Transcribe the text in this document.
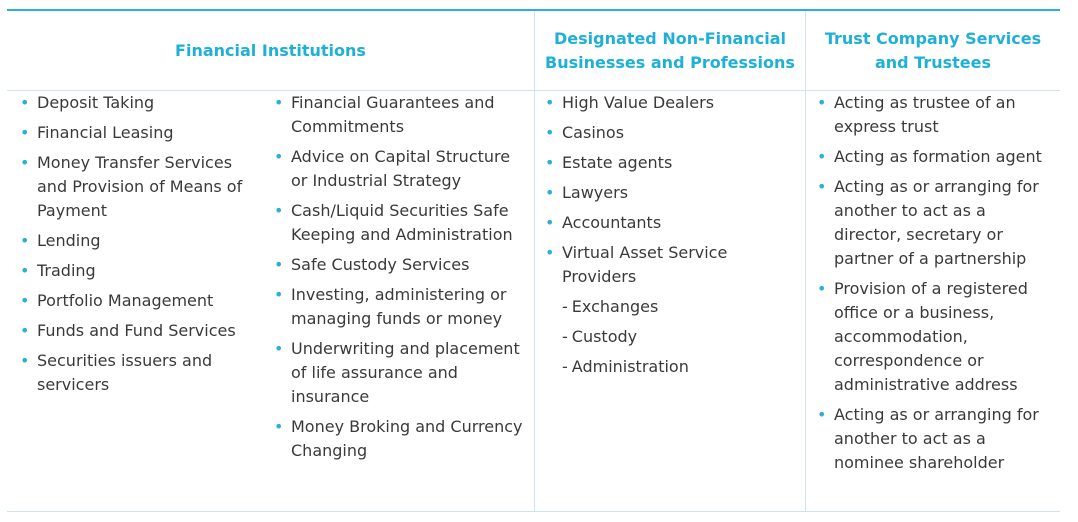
Financial Institutions
Designated Non-Financial Businesses and Professions
Trust Company Services and Trustees
• Deposit Taking
• Financial Leasing
• Money Transfer Services and Provision of Means of Payment
• Lending
• Trading
• Portfolio Management
• Funds and Fund Services
• Securities issuers and servicers
• Financial Guarantees and Commitments
• Advice on Capital Structure or Industrial Strategy
• Cash/Liquid Securities Safe Keeping and Administration
• Safe Custody Services
• Investing, administering or managing funds or money
• Underwriting and placement of life assurance and insurance
• Money Broking and Currency Changing
• High Value Dealers
• Casinos
• Estate agents
• Lawyers
• Accountants
• Virtual Asset Service Providers
- Exchanges
- Custody
- Administration
• Acting as trustee of an express trust
• Acting as formation agent
• Acting as or arranging for another to act as a director, secretary or partner of a partnership
• Provision of a registered office or a business, accommodation, correspondence or administrative address
• Acting as or arranging for another to act as a nominee shareholder
